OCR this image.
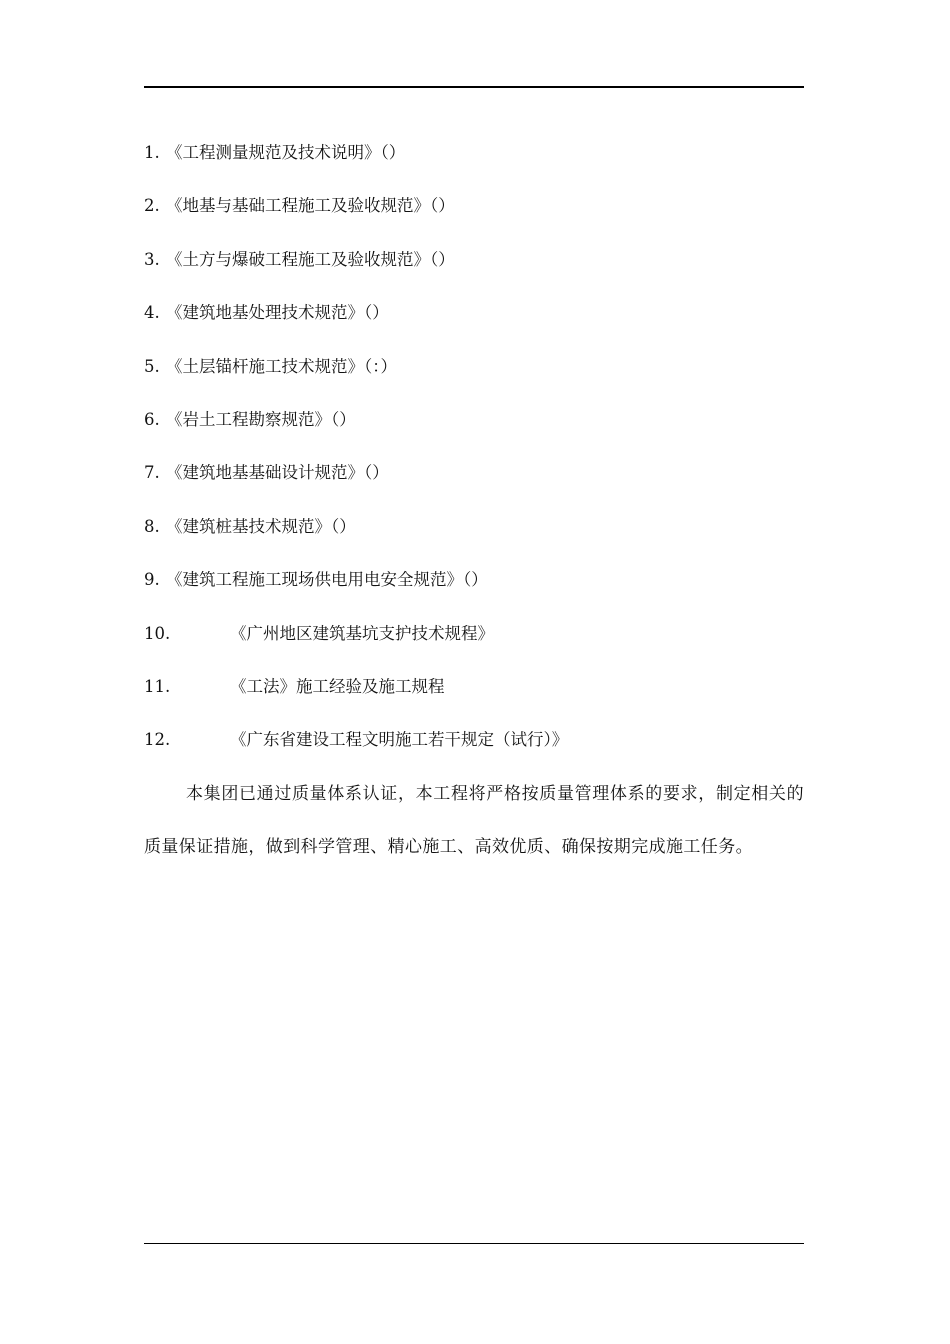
1. 《工程测量规范及技术说明》（）
2. 《地基与基础工程施工及验收规范》（）
3. 《土方与爆破工程施工及验收规范》（）
4. 《建筑地基处理技术规范》（）
5. 《土层锚杆施工技术规范》（：）
6. 《岩土工程勘察规范》（）
7. 《建筑地基基础设计规范》（）
8. 《建筑桩基技术规范》（）
9. 《建筑工程施工现场供电用电安全规范》（）
10.	《广州地区建筑基坑支护技术规程》
11.	《工法》施工经验及施工规程
12.	《广东省建设工程文明施工若干规定（试行）》

本集团已通过质量体系认证，本工程将严格按质量管理体系的要求，制定相关的质量保证措施，做到科学管理、精心施工、高效优质、确保按期完成施工任务。
